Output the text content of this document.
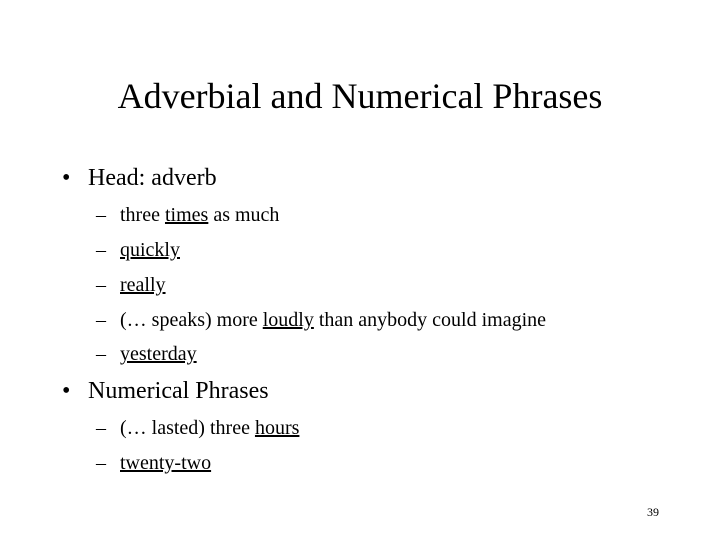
Adverbial and Numerical Phrases
• Head: adverb
– three times as much
– quickly
– really
– (… speaks) more loudly than anybody could imagine
– yesterday
• Numerical Phrases
– (… lasted) three hours
– twenty-two
39
